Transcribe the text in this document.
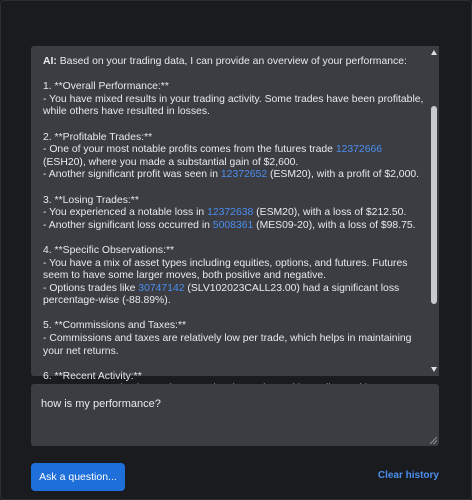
AI: Based on your trading data, I can provide an overview of your performance:

1. **Overall Performance:**
- You have mixed results in your trading activity. Some trades have been profitable, while others have resulted in losses.

2. **Profitable Trades:**
- One of your most notable profits comes from the futures trade 12372666 (ESH20), where you made a substantial gain of $2,600.
- Another significant profit was seen in 12372652 (ESM20), with a profit of $2,000.

3. **Losing Trades:**
- You experienced a notable loss in 12372638 (ESM20), with a loss of $212.50.
- Another significant loss occurred in 5008361 (MES09-20), with a loss of $98.75.

4. **Specific Observations:**
- You have a mix of asset types including equities, options, and futures. Futures seem to have some larger moves, both positive and negative.
- Options trades like 30747142 (SLV102023CALL23.00) had a significant loss percentage-wise (-88.89%).

5. **Commissions and Taxes:**
- Commissions and taxes are relatively low per trade, which helps in maintaining your net returns.

6. **Recent Activity:**

how is my performance?
Ask a question...	Clear history
